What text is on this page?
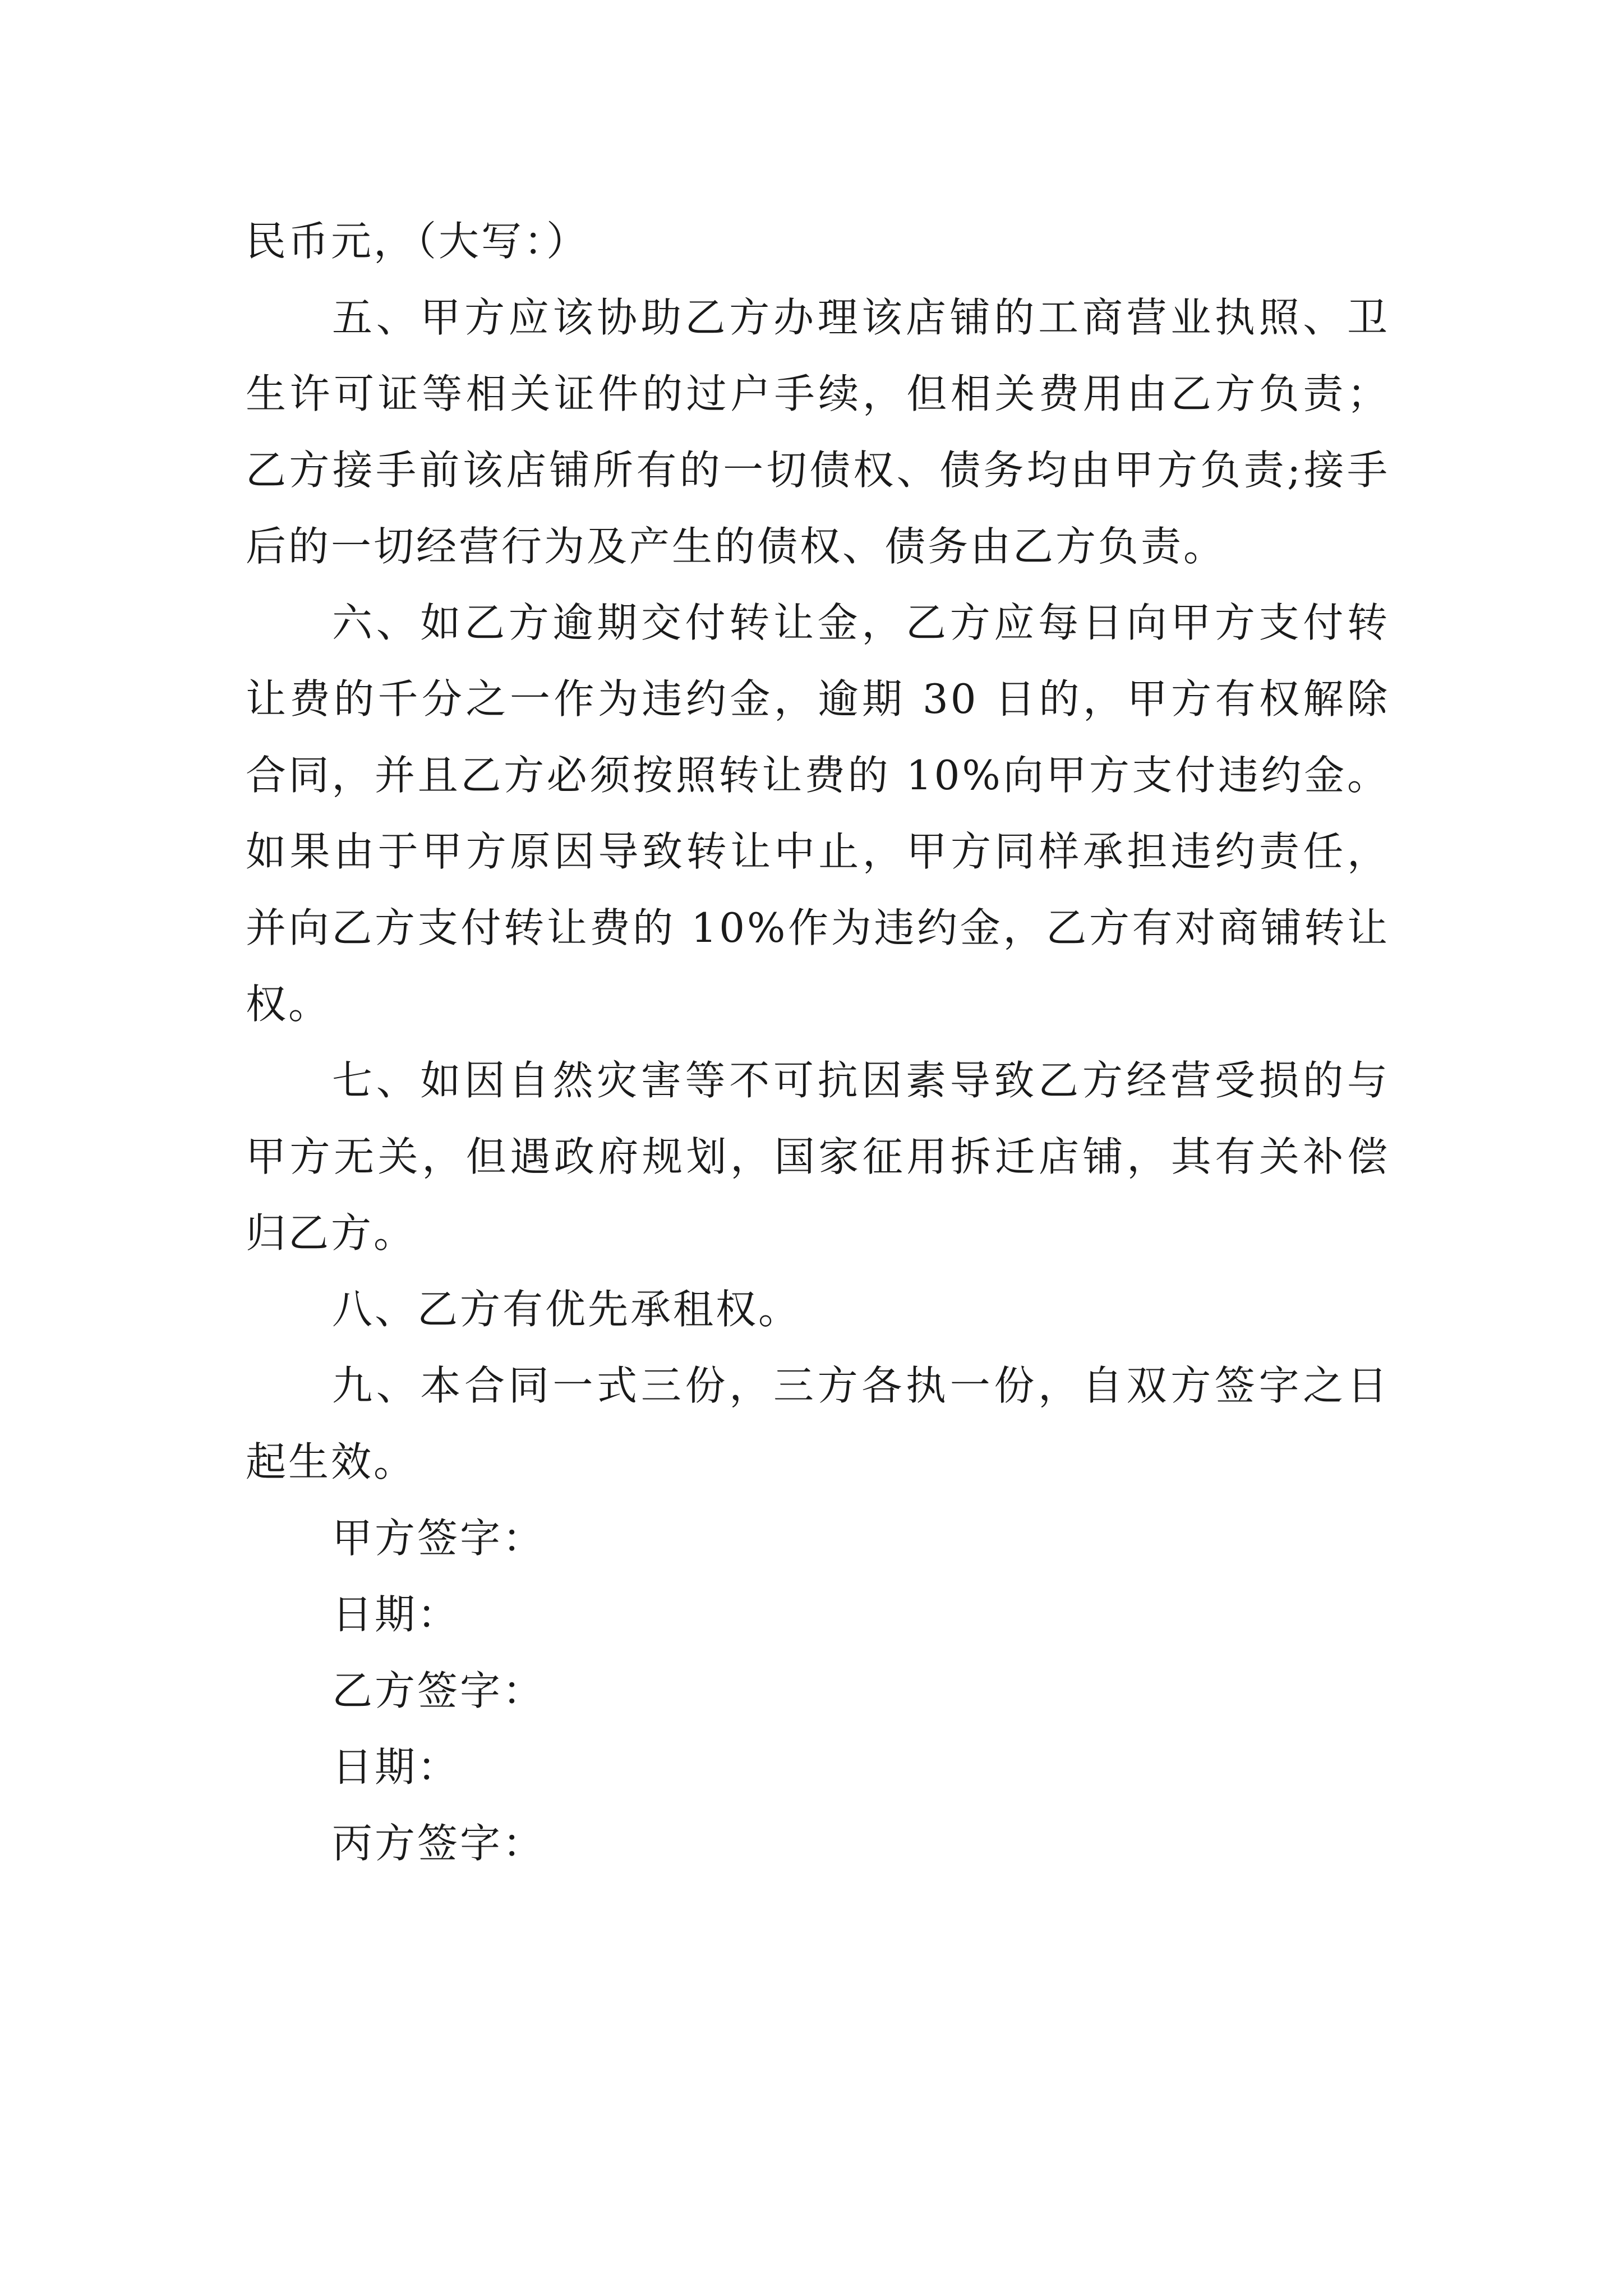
民币元，（大写：）

五、甲方应该协助乙方办理该店铺的工商营业执照、卫生许可证等相关证件的过户手续，但相关费用由乙方负责；乙方接手前该店铺所有的一切债权、债务均由甲方负责;接手后的一切经营行为及产生的债权、债务由乙方负责。

六、如乙方逾期交付转让金，乙方应每日向甲方支付转让费的千分之一作为违约金，逾期 30 日的，甲方有权解除合同，并且乙方必须按照转让费的 10%向甲方支付违约金。如果由于甲方原因导致转让中止，甲方同样承担违约责任，并向乙方支付转让费的 10%作为违约金，乙方有对商铺转让权。

七、如因自然灾害等不可抗因素导致乙方经营受损的与甲方无关，但遇政府规划，国家征用拆迁店铺，其有关补偿归乙方。

八、乙方有优先承租权。

九、本合同一式三份，三方各执一份，自双方签字之日起生效。

甲方签字：

日期：

乙方签字：

日期：

丙方签字：
